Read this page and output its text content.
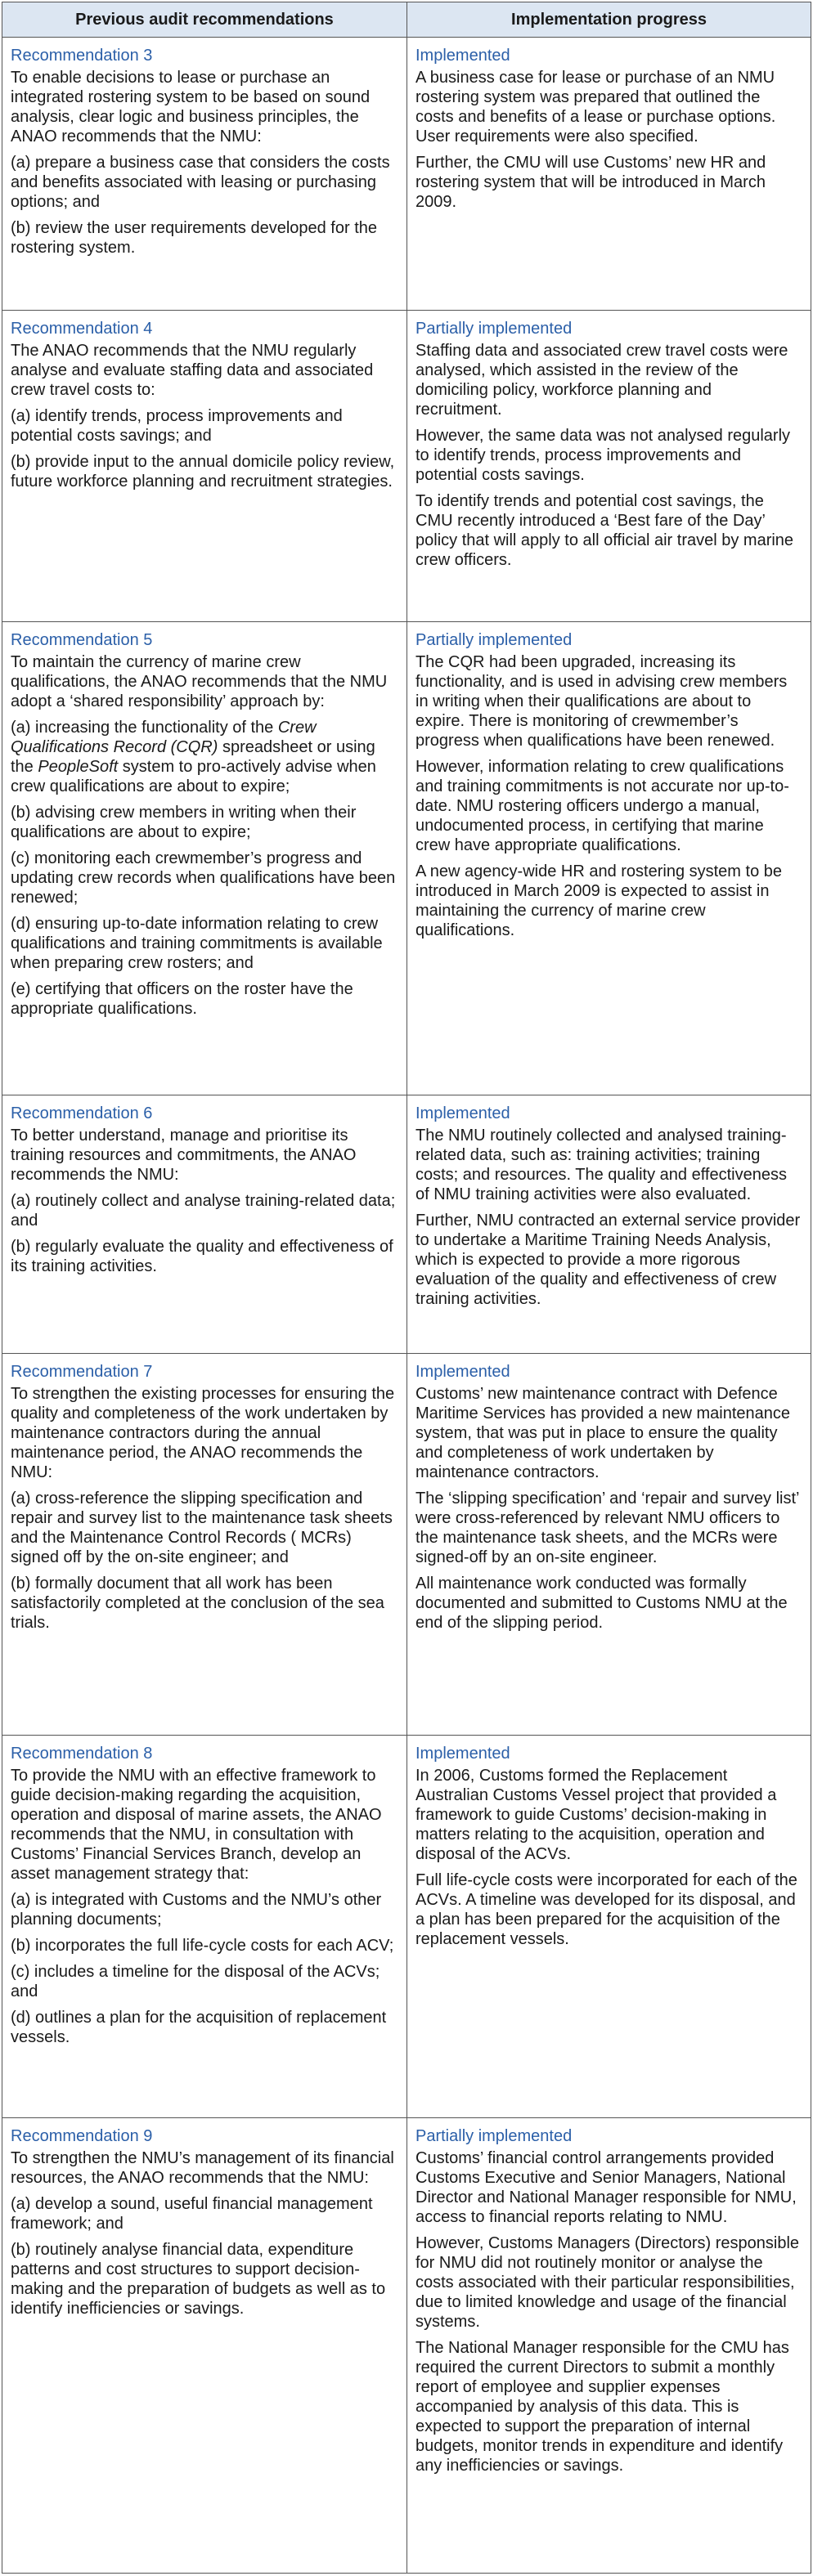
Previous audit recommendations	Implementation progress
Recommendation 3

To enable decisions to lease or purchase an integrated rostering system to be based on sound analysis, clear logic and business principles, the ANAO recommends that the NMU:

(a) prepare a business case that considers the costs and benefits associated with leasing or purchasing options; and

(b) review the user requirements developed for the rostering system.

Implemented

A business case for lease or purchase of an NMU rostering system was prepared that outlined the costs and benefits of a lease or purchase options. User requirements were also specified.

Further, the CMU will use Customs’ new HR and rostering system that will be introduced in March 2009.

Recommendation 4

The ANAO recommends that the NMU regularly analyse and evaluate staffing data and associated crew travel costs to:

(a) identify trends, process improvements and potential costs savings; and

(b) provide input to the annual domicile policy review, future workforce planning and recruitment strategies.

Partially implemented

Staffing data and associated crew travel costs were analysed, which assisted in the review of the domiciling policy, workforce planning and recruitment.

However, the same data was not analysed regularly to identify trends, process improvements and potential costs savings.

To identify trends and potential cost savings, the CMU recently introduced a ‘Best fare of the Day’ policy that will apply to all official air travel by marine crew officers.

Recommendation 5

To maintain the currency of marine crew qualifications, the ANAO recommends that the NMU adopt a ‘shared responsibility’ approach by:

(a) increasing the functionality of the Crew Qualifications Record (CQR) spreadsheet or using the PeopleSoft system to pro-actively advise when crew qualifications are about to expire;

(b) advising crew members in writing when their qualifications are about to expire;

(c) monitoring each crewmember’s progress and updating crew records when qualifications have been renewed;

(d) ensuring up-to-date information relating to crew qualifications and training commitments is available when preparing crew rosters; and

(e) certifying that officers on the roster have the appropriate qualifications.

Partially implemented

The CQR had been upgraded, increasing its functionality, and is used in advising crew members in writing when their qualifications are about to expire. There is monitoring of crewmember’s progress when qualifications have been renewed.

However, information relating to crew qualifications and training commitments is not accurate nor up-to-date. NMU rostering officers undergo a manual, undocumented process, in certifying that marine crew have appropriate qualifications.

A new agency-wide HR and rostering system to be introduced in March 2009 is expected to assist in maintaining the currency of marine crew qualifications.

Recommendation 6

To better understand, manage and prioritise its training resources and commitments, the ANAO recommends the NMU:

(a) routinely collect and analyse training-related data; and

(b) regularly evaluate the quality and effectiveness of its training activities.

Implemented

The NMU routinely collected and analysed training-related data, such as: training activities; training costs; and resources. The quality and effectiveness of NMU training activities were also evaluated.

Further, NMU contracted an external service provider to undertake a Maritime Training Needs Analysis, which is expected to provide a more rigorous evaluation of the quality and effectiveness of crew training activities.

Recommendation 7

To strengthen the existing processes for ensuring the quality and completeness of the work undertaken by maintenance contractors during the annual maintenance period, the ANAO recommends the NMU:

(a) cross-reference the slipping specification and repair and survey list to the maintenance task sheets and the Maintenance Control Records ( MCRs) signed off by the on-site engineer; and

(b) formally document that all work has been satisfactorily completed at the conclusion of the sea trials.

Implemented

Customs’ new maintenance contract with Defence Maritime Services has provided a new maintenance system, that was put in place to ensure the quality and completeness of work undertaken by maintenance contractors.

The ‘slipping specification’ and ‘repair and survey list’ were cross-referenced by relevant NMU officers to the maintenance task sheets, and the MCRs were signed-off by an on-site engineer.

All maintenance work conducted was formally documented and submitted to Customs NMU at the end of the slipping period.

Recommendation 8

To provide the NMU with an effective framework to guide decision-making regarding the acquisition, operation and disposal of marine assets, the ANAO recommends that the NMU, in consultation with Customs’ Financial Services Branch, develop an asset management strategy that:

(a) is integrated with Customs and the NMU’s other planning documents;

(b) incorporates the full life-cycle costs for each ACV;

(c) includes a timeline for the disposal of the ACVs; and

(d) outlines a plan for the acquisition of replacement vessels.

Implemented

In 2006, Customs formed the Replacement Australian Customs Vessel project that provided a framework to guide Customs’ decision-making in matters relating to the acquisition, operation and disposal of the ACVs.

Full life-cycle costs were incorporated for each of the ACVs. A timeline was developed for its disposal, and a plan has been prepared for the acquisition of the replacement vessels.

Recommendation 9

To strengthen the NMU’s management of its financial resources, the ANAO recommends that the NMU:

(a) develop a sound, useful financial management framework; and

(b) routinely analyse financial data, expenditure patterns and cost structures to support decision-making and the preparation of budgets as well as to identify inefficiencies or savings.

Partially implemented

Customs’ financial control arrangements provided Customs Executive and Senior Managers, National Director and National Manager responsible for NMU, access to financial reports relating to NMU.

However, Customs Managers (Directors) responsible for NMU did not routinely monitor or analyse the costs associated with their particular responsibilities, due to limited knowledge and usage of the financial systems.

The National Manager responsible for the CMU has required the current Directors to submit a monthly report of employee and supplier expenses accompanied by analysis of this data. This is expected to support the preparation of internal budgets, monitor trends in expenditure and identify any inefficiencies or savings.
